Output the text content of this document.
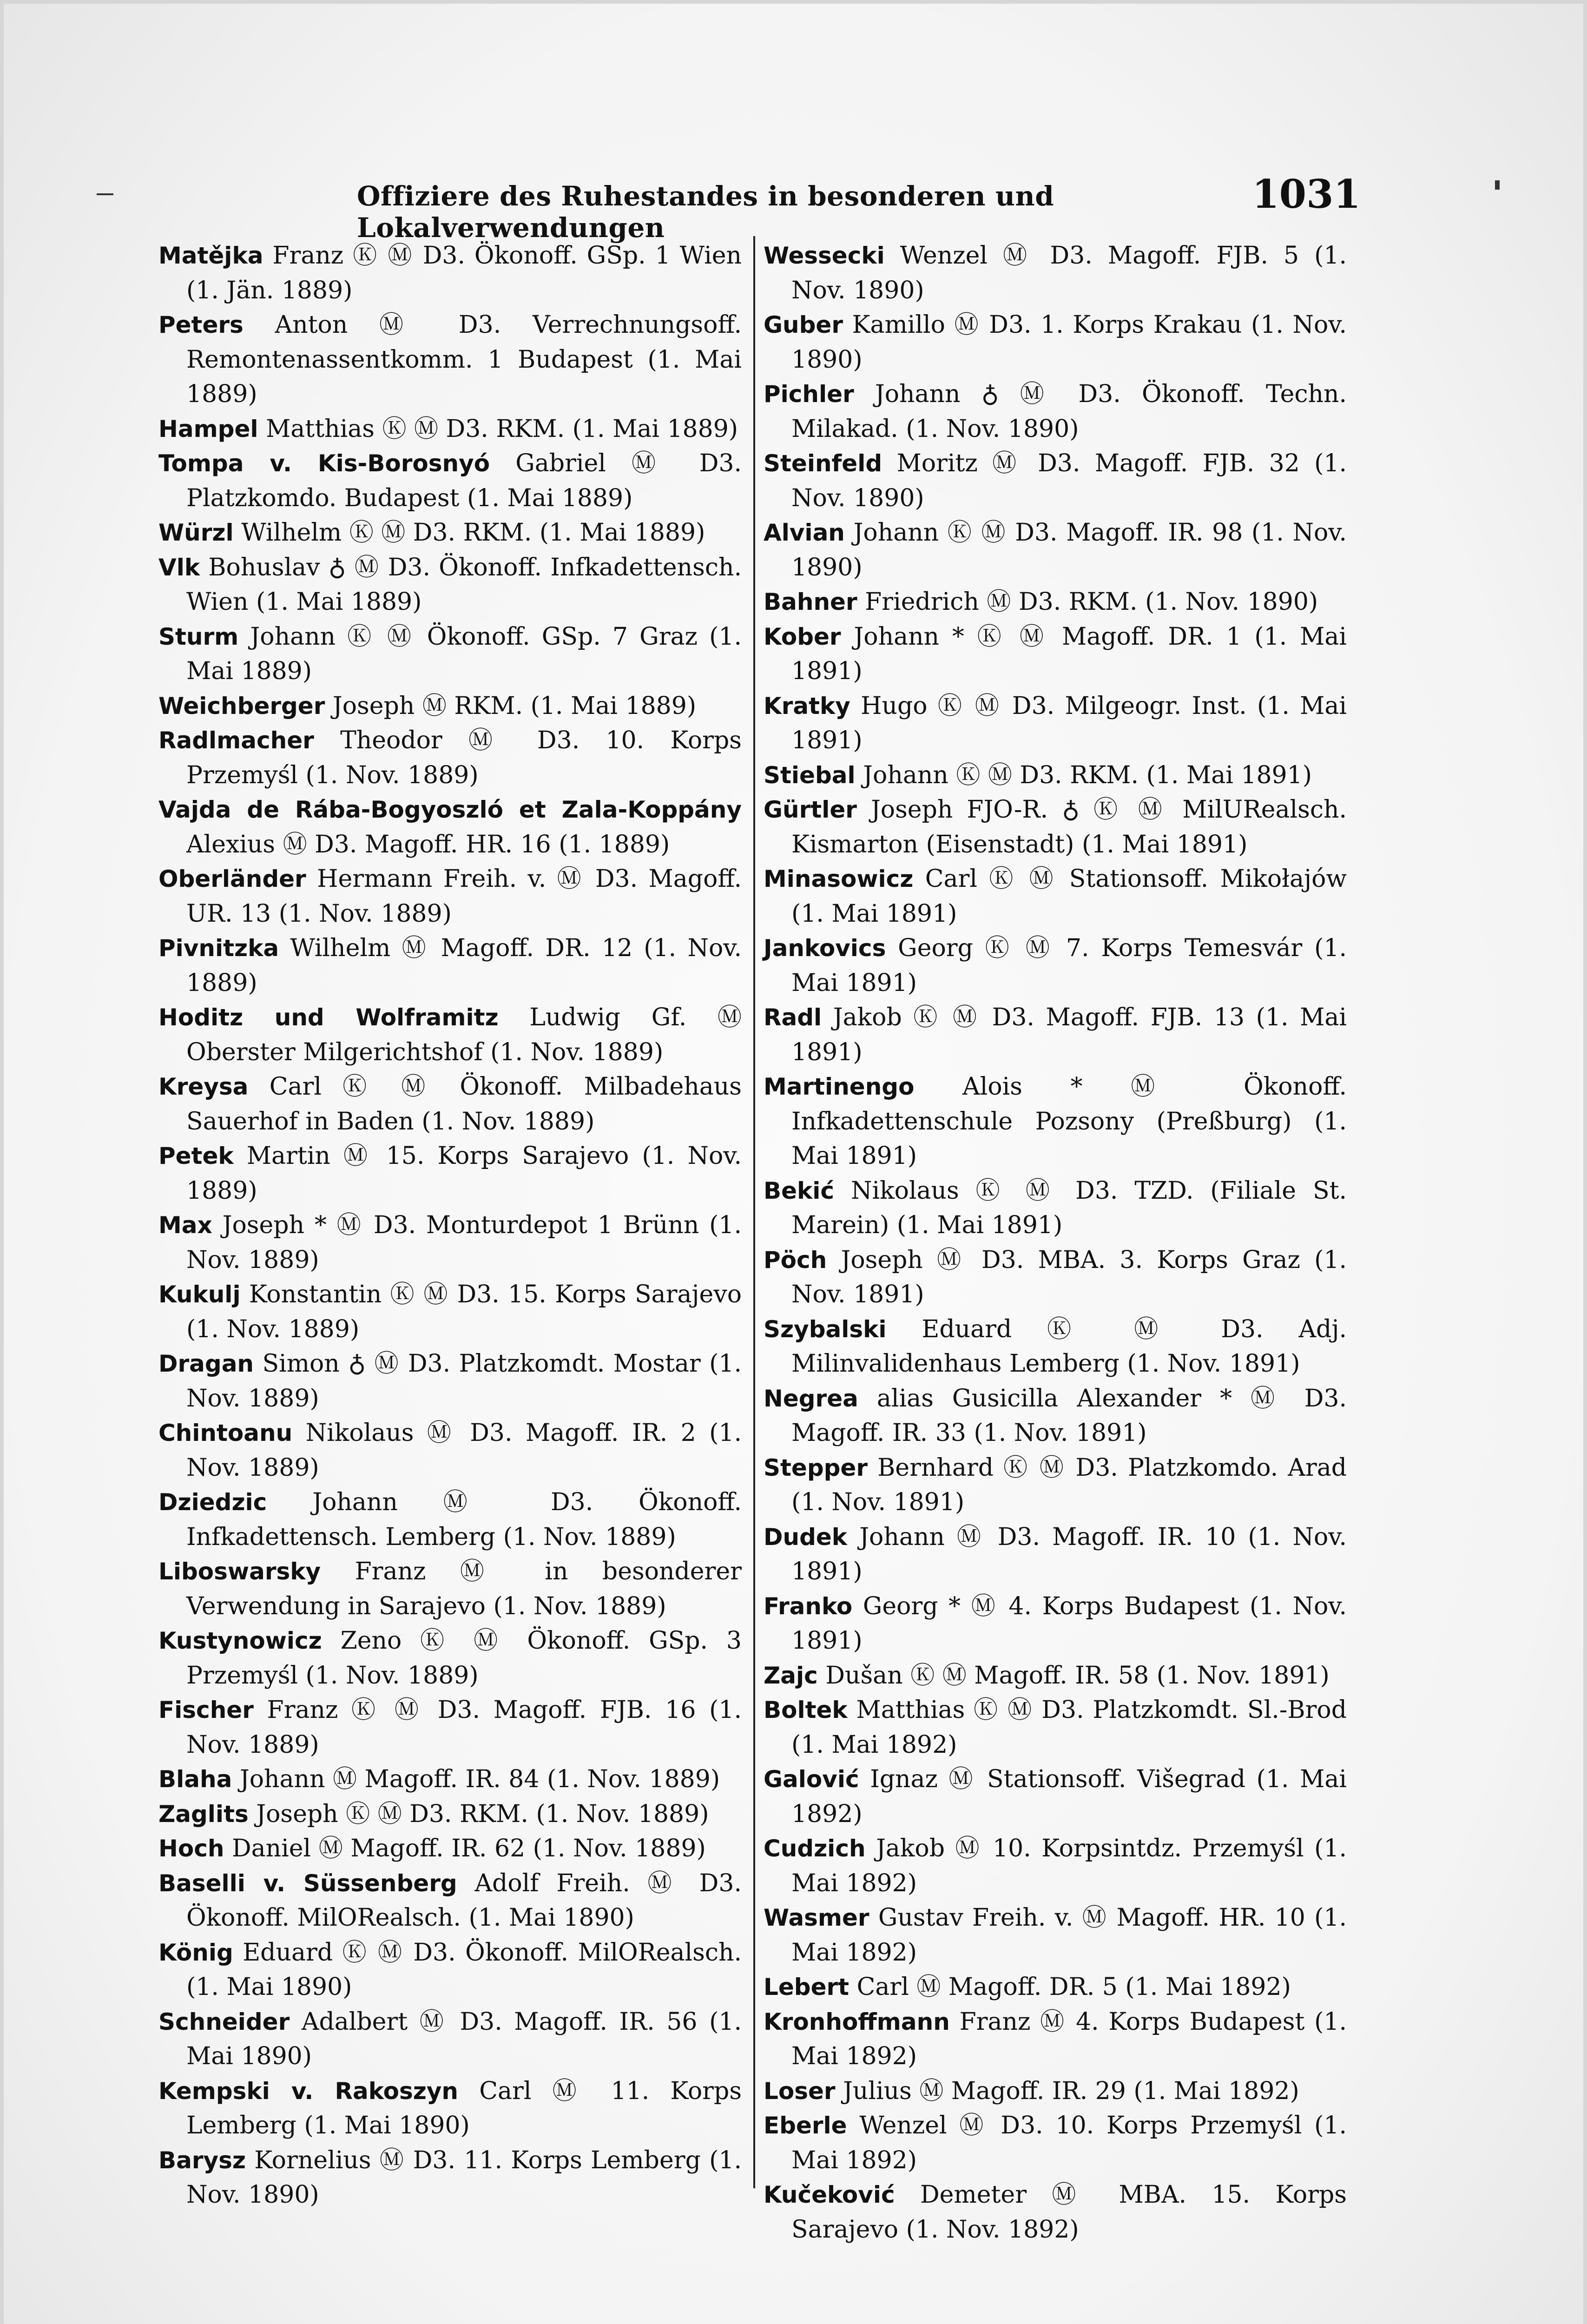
Offiziere des Ruhestandes in besonderen und Lokalverwendungen
1031

Matějka Franz Ⓚ Ⓜ D3. Ökonoff. GSp. 1 Wien (1. Jän. 1889)

Peters Anton Ⓜ D3. Verrechnungsoff. Remontenassentkomm. 1 Budapest (1. Mai 1889)

Hampel Matthias Ⓚ Ⓜ D3. RKM. (1. Mai 1889)

Tompa v. Kis-Borosnyó Gabriel Ⓜ D3. Platzkomdo. Budapest (1. Mai 1889)

Würzl Wilhelm Ⓚ Ⓜ D3. RKM. (1. Mai 1889)

Vlk Bohuslav ♁ Ⓜ D3. Ökonoff. Infkadettensch. Wien (1. Mai 1889)

Sturm Johann Ⓚ Ⓜ Ökonoff. GSp. 7 Graz (1. Mai 1889)

Weichberger Joseph Ⓜ RKM. (1. Mai 1889)

Radlmacher Theodor Ⓜ D3. 10. Korps Przemyśl (1. Nov. 1889)

Vajda de Rába-Bogyoszló et Zala-Koppány Alexius Ⓜ D3. Magoff. HR. 16 (1. 1889)

Oberländer Hermann Freih. v. Ⓜ D3. Magoff. UR. 13 (1. Nov. 1889)

Pivnitzka Wilhelm Ⓜ Magoff. DR. 12 (1. Nov. 1889)

Hoditz und Wolframitz Ludwig Gf. Ⓜ Oberster Milgerichtshof (1. Nov. 1889)

Kreysa Carl Ⓚ Ⓜ Ökonoff. Milbadehaus Sauerhof in Baden (1. Nov. 1889)

Petek Martin Ⓜ 15. Korps Sarajevo (1. Nov. 1889)

Max Joseph * Ⓜ D3. Monturdepot 1 Brünn (1. Nov. 1889)

Kukulj Konstantin Ⓚ Ⓜ D3. 15. Korps Sarajevo (1. Nov. 1889)

Dragan Simon ♁ Ⓜ D3. Platzkomdt. Mostar (1. Nov. 1889)

Chintoanu Nikolaus Ⓜ D3. Magoff. IR. 2 (1. Nov. 1889)

Dziedzic Johann Ⓜ D3. Ökonoff. Infkadettensch. Lemberg (1. Nov. 1889)

Liboswarsky Franz Ⓜ in besonderer Verwendung in Sarajevo (1. Nov. 1889)

Kustynowicz Zeno Ⓚ Ⓜ Ökonoff. GSp. 3 Przemyśl (1. Nov. 1889)

Fischer Franz Ⓚ Ⓜ D3. Magoff. FJB. 16 (1. Nov. 1889)

Blaha Johann Ⓜ Magoff. IR. 84 (1. Nov. 1889)

Zaglits Joseph Ⓚ Ⓜ D3. RKM. (1. Nov. 1889)

Hoch Daniel Ⓜ Magoff. IR. 62 (1. Nov. 1889)

Baselli v. Süssenberg Adolf Freih. Ⓜ D3. Ökonoff. MilORealsch. (1. Mai 1890)

König Eduard Ⓚ Ⓜ D3. Ökonoff. MilORealsch. (1. Mai 1890)

Schneider Adalbert Ⓜ D3. Magoff. IR. 56 (1. Mai 1890)

Kempski v. Rakoszyn Carl Ⓜ 11. Korps Lemberg (1. Mai 1890)

Barysz Kornelius Ⓜ D3. 11. Korps Lemberg (1. Nov. 1890)

Wessecki Wenzel Ⓜ D3. Magoff. FJB. 5 (1. Nov. 1890)

Guber Kamillo Ⓜ D3. 1. Korps Krakau (1. Nov. 1890)

Pichler Johann ♁ Ⓜ D3. Ökonoff. Techn. Milakad. (1. Nov. 1890)

Steinfeld Moritz Ⓜ D3. Magoff. FJB. 32 (1. Nov. 1890)

Alvian Johann Ⓚ Ⓜ D3. Magoff. IR. 98 (1. Nov. 1890)

Bahner Friedrich Ⓜ D3. RKM. (1. Nov. 1890)

Kober Johann * Ⓚ Ⓜ Magoff. DR. 1 (1. Mai 1891)

Kratky Hugo Ⓚ Ⓜ D3. Milgeogr. Inst. (1. Mai 1891)

Stiebal Johann Ⓚ Ⓜ D3. RKM. (1. Mai 1891)

Gürtler Joseph FJO-R. ♁ Ⓚ Ⓜ MilURealsch. Kismarton (Eisenstadt) (1. Mai 1891)

Minasowicz Carl Ⓚ Ⓜ Stationsoff. Mikołajów (1. Mai 1891)

Jankovics Georg Ⓚ Ⓜ 7. Korps Temesvár (1. Mai 1891)

Radl Jakob Ⓚ Ⓜ D3. Magoff. FJB. 13 (1. Mai 1891)

Martinengo Alois * Ⓜ Ökonoff. Infkadettenschule Pozsony (Preßburg) (1. Mai 1891)

Bekić Nikolaus Ⓚ Ⓜ D3. TZD. (Filiale St. Marein) (1. Mai 1891)

Pöch Joseph Ⓜ D3. MBA. 3. Korps Graz (1. Nov. 1891)

Szybalski Eduard Ⓚ Ⓜ D3. Adj. Milinvalidenhaus Lemberg (1. Nov. 1891)

Negrea alias Gusicilla Alexander * Ⓜ D3. Magoff. IR. 33 (1. Nov. 1891)

Stepper Bernhard Ⓚ Ⓜ D3. Platzkomdo. Arad (1. Nov. 1891)

Dudek Johann Ⓜ D3. Magoff. IR. 10 (1. Nov. 1891)

Franko Georg * Ⓜ 4. Korps Budapest (1. Nov. 1891)

Zajc Dušan Ⓚ Ⓜ Magoff. IR. 58 (1. Nov. 1891)

Boltek Matthias Ⓚ Ⓜ D3. Platzkomdt. Sl.-Brod (1. Mai 1892)

Galović Ignaz Ⓜ Stationsoff. Višegrad (1. Mai 1892)

Cudzich Jakob Ⓜ 10. Korpsintdz. Przemyśl (1. Mai 1892)

Wasmer Gustav Freih. v. Ⓜ Magoff. HR. 10 (1. Mai 1892)

Lebert Carl Ⓜ Magoff. DR. 5 (1. Mai 1892)

Kronhoffmann Franz Ⓜ 4. Korps Budapest (1. Mai 1892)

Loser Julius Ⓜ Magoff. IR. 29 (1. Mai 1892)

Eberle Wenzel Ⓜ D3. 10. Korps Przemyśl (1. Mai 1892)

Kučeković Demeter Ⓜ MBA. 15. Korps Sarajevo (1. Nov. 1892)
